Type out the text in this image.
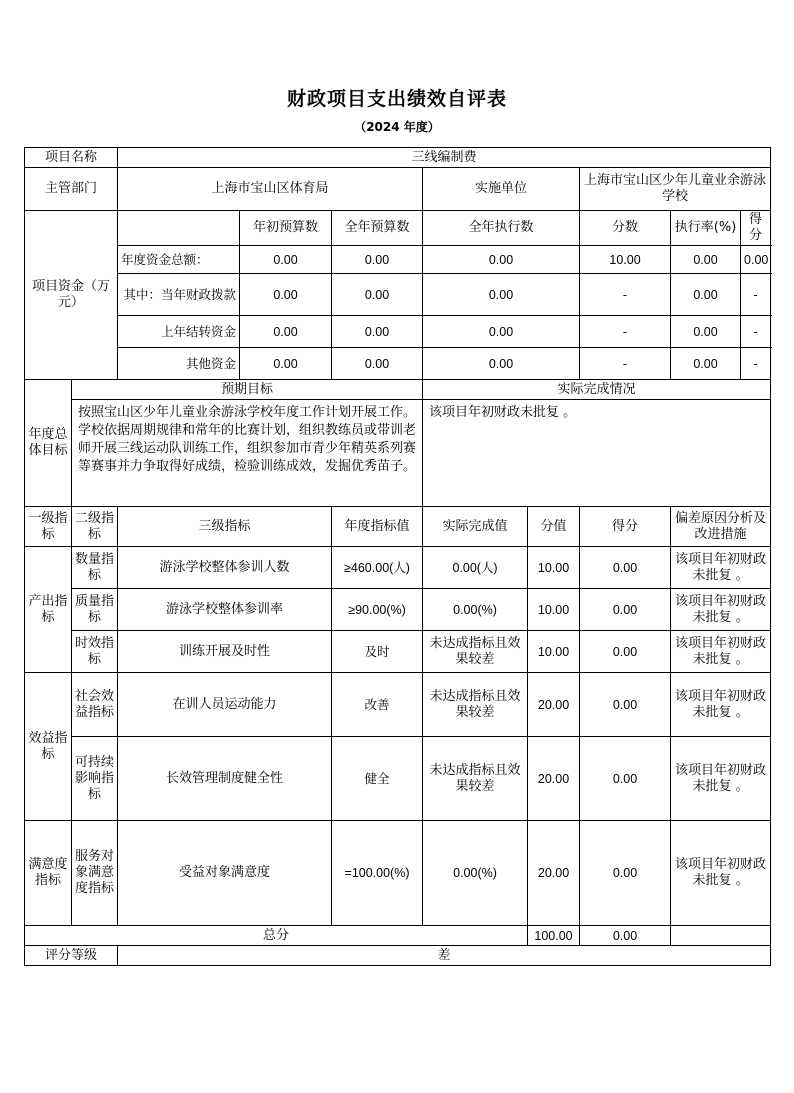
财政项目支出绩效自评表
（2024 年度）
项目名称		三线编制费							
主管部门		上海市宝山区体育局			实施单位		上海市宝山区少年儿童业余游泳学校		
项目资金（万元）			年初预算数	全年预算数	全年执行数		分数	执行率(%)	得分
		年度资金总额：	0.00	0.00	0.00		10.00	0.00	0.00
		其中：当年财政拨款	0.00	0.00	0.00		-	0.00	-
		上年结转资金	0.00	0.00	0.00		-	0.00	-
		其他资金	0.00	0.00	0.00		-	0.00	-
年度总体目标	预期目标				实际完成情况				
	按照宝山区少年儿童业余游泳学校年度工作计划开展工作。学校依据周期规律和常年的比赛计划，组织教练员或带训老师开展三线运动队训练工作，组织参加市青少年精英系列赛等赛事并力争取得好成绩，检验训练成效，发掘优秀苗子。				该项目年初财政未批复 。				
一级指标	二级指标	三级指标		年度指标值	实际完成值	分值	得分	偏差原因分析及改进措施	
产出指标	数量指标	游泳学校整体参训人数		≥460.00(人)	0.00(人)	10.00	0.00	该项目年初财政未批复 。	
	质量指标	游泳学校整体参训率		≥90.00(%)	0.00(%)	10.00	0.00	该项目年初财政未批复 。	
	时效指标	训练开展及时性		及时	未达成指标且效果较差	10.00	0.00	该项目年初财政未批复 。	
效益指标	社会效益指标	在训人员运动能力		改善	未达成指标且效果较差	20.00	0.00	该项目年初财政未批复 。	
	可持续影响指标	长效管理制度健全性		健全	未达成指标且效果较差	20.00	0.00	该项目年初财政未批复 。	
满意度指标	服务对象满意度指标	受益对象满意度		=100.00(%)	0.00(%)	20.00	0.00	该项目年初财政未批复 。	
总分						100.00	0.00		
评分等级		差							
